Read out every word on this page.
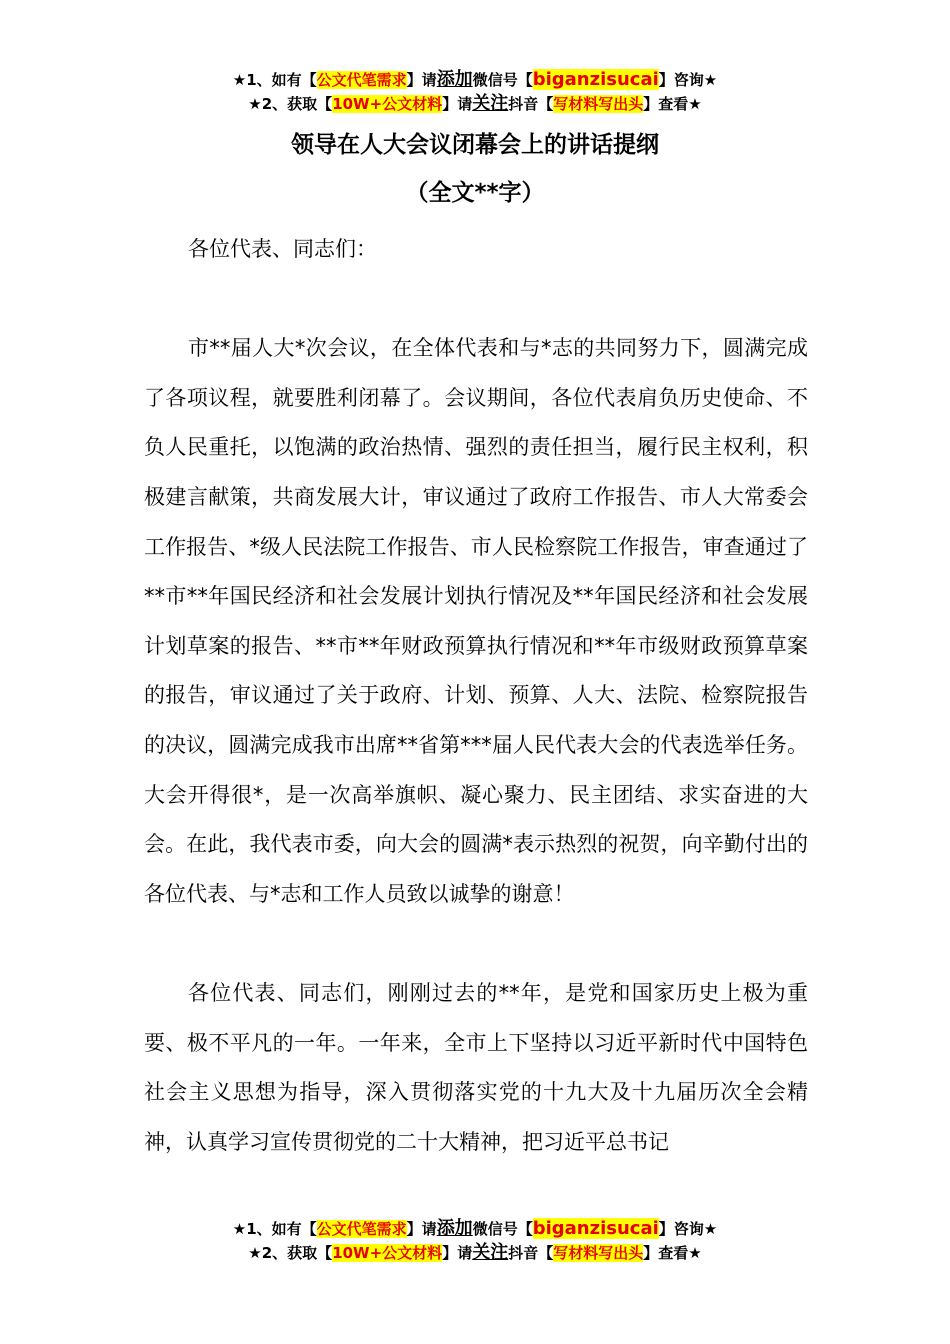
★1、如有【公文代笔需求】请添加微信号【biganzisucai】咨询★
★2、获取【10W+公文材料】请关注抖音【写材料写出头】查看★
领导在人大会议闭幕会上的讲话提纲
（全文**字）

各位代表、同志们：

市**届人大*次会议，在全体代表和与*志的共同努力下，圆满完成了各项议程，就要胜利闭幕了。会议期间，各位代表肩负历史使命、不负人民重托，以饱满的政治热情、强烈的责任担当，履行民主权利，积极建言献策，共商发展大计，审议通过了政府工作报告、市人大常委会工作报告、*级人民法院工作报告、市人民检察院工作报告，审查通过了**市**年国民经济和社会发展计划执行情况及**年国民经济和社会发展计划草案的报告、**市**年财政预算执行情况和**年市级财政预算草案的报告，审议通过了关于政府、计划、预算、人大、法院、检察院报告的决议，圆满完成我市出席**省第***届人民代表大会的代表选举任务。大会开得很*，是一次高举旗帜、凝心聚力、民主团结、求实奋进的大会。在此，我代表市委，向大会的圆满*表示热烈的祝贺，向辛勤付出的各位代表、与*志和工作人员致以诚挚的谢意！

各位代表、同志们，刚刚过去的**年，是党和国家历史上极为重要、极不平凡的一年。一年来，全市上下坚持以习近平新时代中国特色社会主义思想为指导，深入贯彻落实党的十九大及十九届历次全会精神，认真学习宣传贯彻党的二十大精神，把习近平总书记

★1、如有【公文代笔需求】请添加微信号【biganzisucai】咨询★
★2、获取【10W+公文材料】请关注抖音【写材料写出头】查看★
